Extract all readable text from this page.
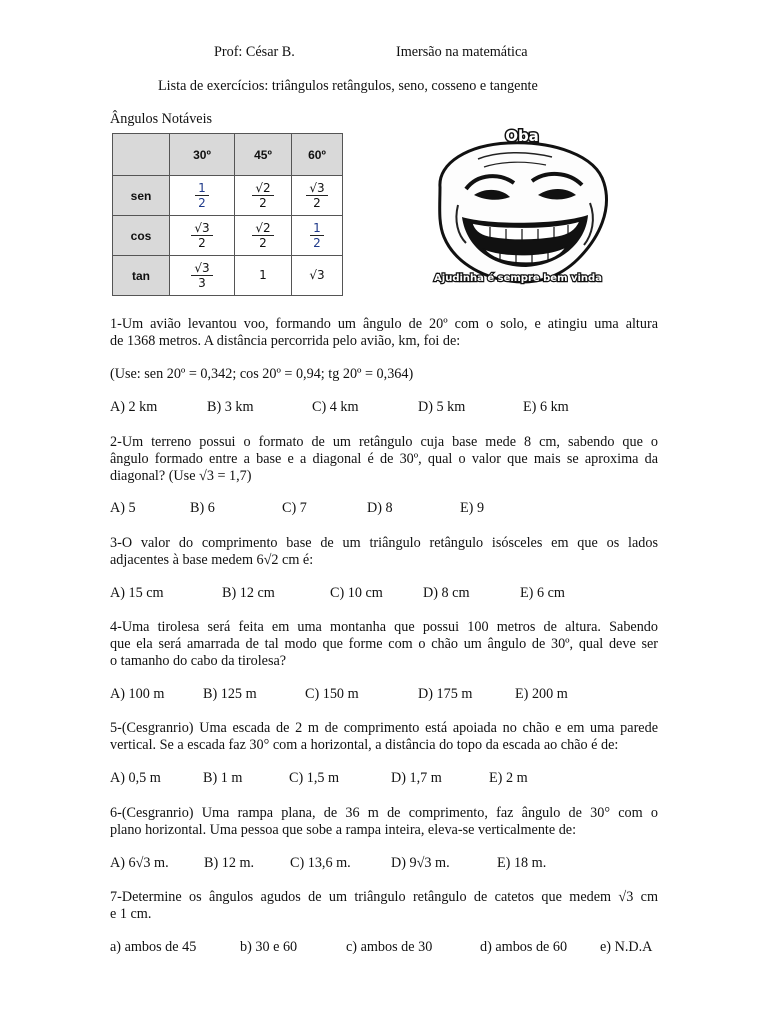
Prof: César B.	Imersão na matemática
Lista de exercícios: triângulos retângulos, seno, cosseno e tangente
Ângulos Notáveis
	30º	45º	60º
sen	$\frac{1}{2}$	$\frac{√2}{2}$	$\frac{√3}{2}$

cos	$\frac{√3}{2}$	$\frac{√2}{2}$	$\frac{1}{2}$

tan	$\frac{√3}{3}$	1	√3
Oba
Ajudinha é sempre bem vinda
1-Um avião levantou voo, formando um ângulo de 20º com o solo, e atingiu uma altura
de 1368 metros. A distância percorrida pelo avião, km, foi de:
(Use: sen 20º = 0,342; cos 20º = 0,94; tg 20º = 0,364)
A) 2 km	B) 3 km	C) 4 km	D) 5 km	E) 6 km
2-Um terreno possui o formato de um retângulo cuja base mede 8 cm, sabendo que o
ângulo formado entre a base e a diagonal é de 30º, qual o valor que mais se aproxima da
diagonal? (Use √3 = 1,7)
A) 5	B) 6	C) 7	D) 8	E) 9
3-O valor do comprimento base de um triângulo retângulo isósceles em que os lados
adjacentes à base medem 6√2 cm é:
A) 15 cm	B) 12 cm	C) 10 cm	D) 8 cm	E) 6 cm
4-Uma tirolesa será feita em uma montanha que possui 100 metros de altura. Sabendo
que ela será amarrada de tal modo que forme com o chão um ângulo de 30º, qual deve ser
o tamanho do cabo da tirolesa?
A) 100 m	B) 125 m	C) 150 m	D) 175 m	E) 200 m
5-(Cesgranrio) Uma escada de 2 m de comprimento está apoiada no chão e em uma parede
vertical. Se a escada faz 30° com a horizontal, a distância do topo da escada ao chão é de:
A) 0,5 m	B) 1 m	C) 1,5 m	D) 1,7 m	E) 2 m
6-(Cesgranrio) Uma rampa plana, de 36 m de comprimento, faz ângulo de 30° com o
plano horizontal. Uma pessoa que sobe a rampa inteira, eleva-se verticalmente de:
A) 6√3 m. B) 12 m.	C) 13,6 m.	D) 9√3 m.	E) 18 m.
7-Determine os ângulos agudos de um triângulo retângulo de catetos que medem √3 cm
e 1 cm.
a) ambos de 45	b) 30 e 60	c) ambos de 30	d) ambos de 60 e) N.D.A
